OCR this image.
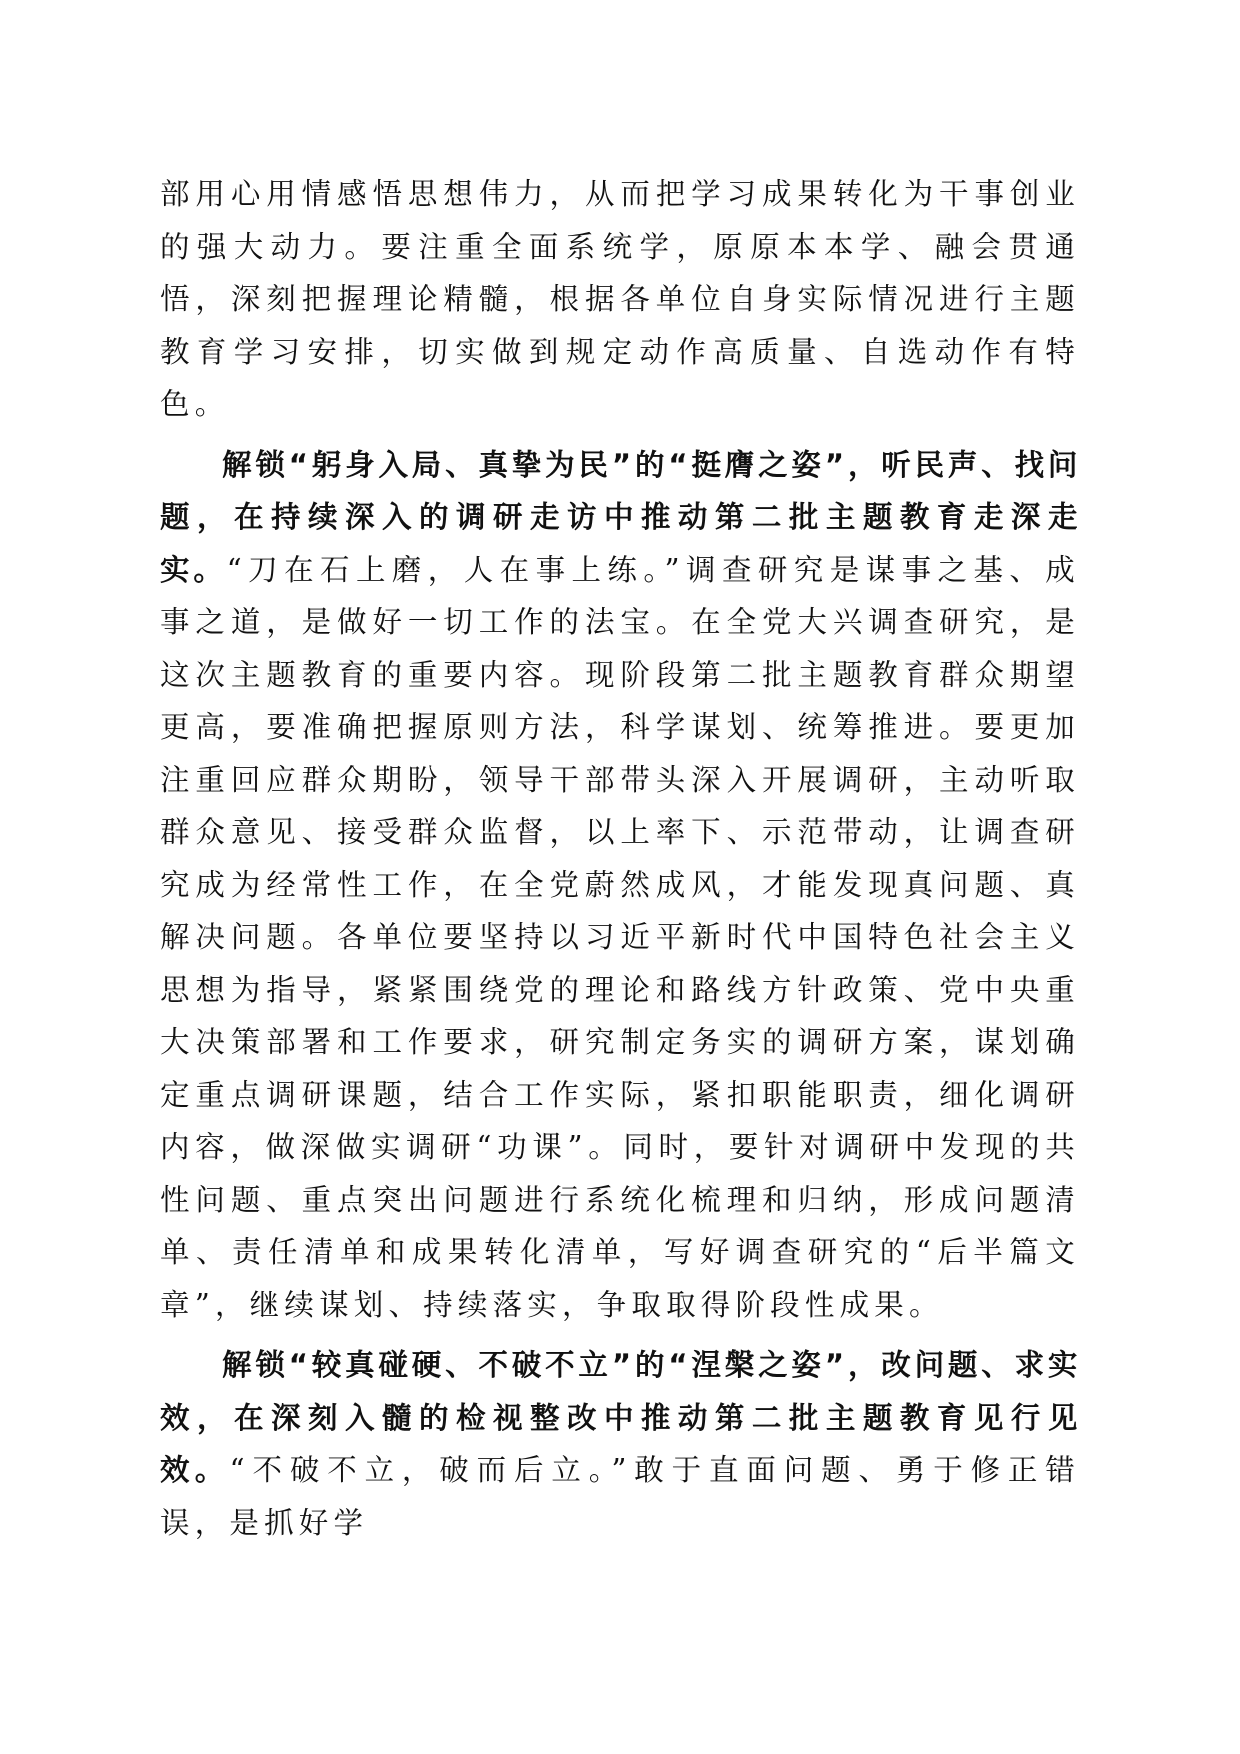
部用心用情感悟思想伟力，从而把学习成果转化为干事创业的强大动力。要注重全面系统学，原原本本学、融会贯通悟，深刻把握理论精髓，根据各单位自身实际情况进行主题教育学习安排，切实做到规定动作高质量、自选动作有特色。

解锁“躬身入局、真挚为民”的“挺膺之姿”，听民声、找问题，在持续深入的调研走访中推动第二批主题教育走深走实。“刀在石上磨，人在事上练。”调查研究是谋事之基、成事之道，是做好一切工作的法宝。在全党大兴调查研究，是这次主题教育的重要内容。现阶段第二批主题教育群众期望更高，要准确把握原则方法，科学谋划、统筹推进。要更加注重回应群众期盼，领导干部带头深入开展调研，主动听取群众意见、接受群众监督，以上率下、示范带动，让调查研究成为经常性工作，在全党蔚然成风，才能发现真问题、真解决问题。各单位要坚持以习近平新时代中国特色社会主义思想为指导，紧紧围绕党的理论和路线方针政策、党中央重大决策部署和工作要求，研究制定务实的调研方案，谋划确定重点调研课题，结合工作实际，紧扣职能职责，细化调研内容，做深做实调研“功课”。同时，要针对调研中发现的共性问题、重点突出问题进行系统化梳理和归纳，形成问题清单、责任清单和成果转化清单，写好调查研究的“后半篇文章”，继续谋划、持续落实，争取取得阶段性成果。

解锁“较真碰硬、不破不立”的“涅槃之姿”，改问题、求实效，在深刻入髓的检视整改中推动第二批主题教育见行见效。“不破不立，破而后立。”敢于直面问题、勇于修正错误，是抓好学
